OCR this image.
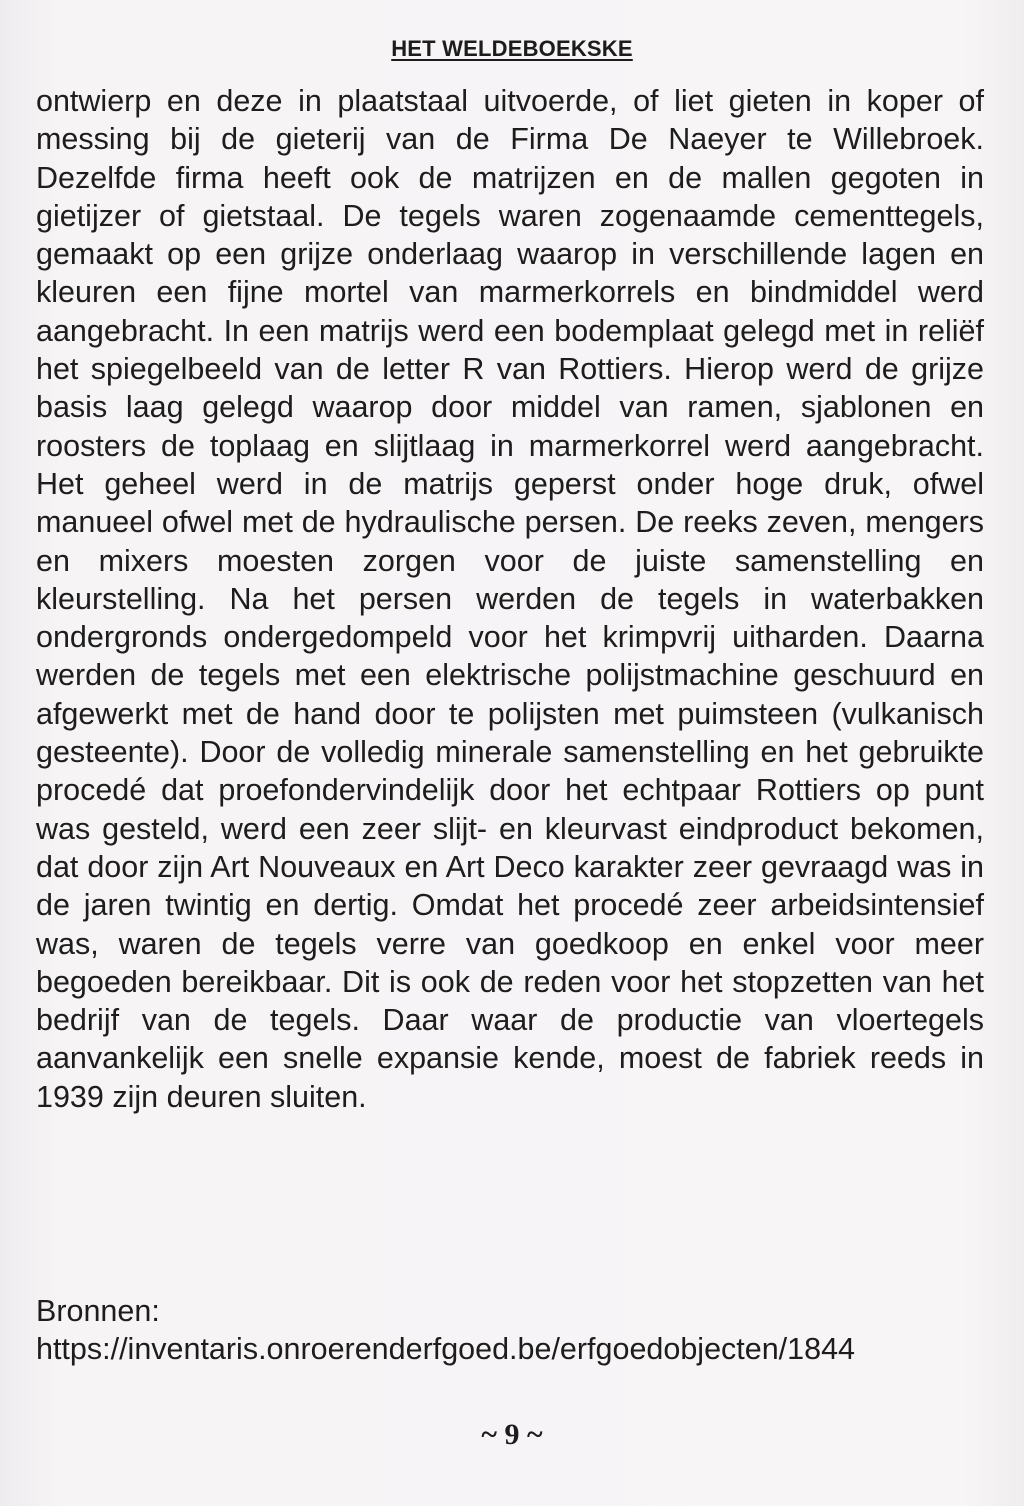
HET WELDEBOEKSKE

ontwierp en deze in plaatstaal uitvoerde, of liet gieten in koper of messing bij de gieterij van de Firma De Naeyer te Willebroek. Dezelfde firma heeft ook de matrijzen en de mallen gegoten in gietijzer of gietstaal. De tegels waren zogenaamde cementtegels, gemaakt op een grijze onderlaag waarop in verschillende lagen en kleuren een fijne mortel van marmerkorrels en bindmiddel werd aangebracht. In een matrijs werd een bodemplaat gelegd met in reliëf het spiegelbeeld van de letter R van Rottiers. Hierop werd de grijze basis laag gelegd waarop door middel van ramen, sjablonen en roosters de toplaag en slijtlaag in marmerkorrel werd aangebracht. Het geheel werd in de matrijs geperst onder hoge druk, ofwel manueel ofwel met de hydraulische persen. De reeks zeven, mengers en mixers moesten zorgen voor de juiste samenstelling en kleurstelling. Na het persen werden de tegels in waterbakken ondergronds ondergedompeld voor het krimpvrij uitharden. Daarna werden de tegels met een elektrische polijstmachine geschuurd en afgewerkt met de hand door te polijsten met puimsteen (vulkanisch gesteente). Door de volledig minerale samenstelling en het gebruikte procedé dat proefondervindelijk door het echtpaar Rottiers op punt was gesteld, werd een zeer slijt- en kleurvast eindproduct bekomen, dat door zijn Art Nouveaux en Art Deco karakter zeer gevraagd was in de jaren twintig en dertig. Omdat het procedé zeer arbeidsintensief was, waren de tegels verre van goedkoop en enkel voor meer begoeden bereikbaar. Dit is ook de reden voor het stopzetten van het bedrijf van de tegels. Daar waar de productie van vloertegels aanvankelijk een snelle expansie kende, moest de fabriek reeds in 1939 zijn deuren sluiten.

Bronnen:
https://inventaris.onroerenderfgoed.be/erfgoedobjecten/1844
~ 9 ~
